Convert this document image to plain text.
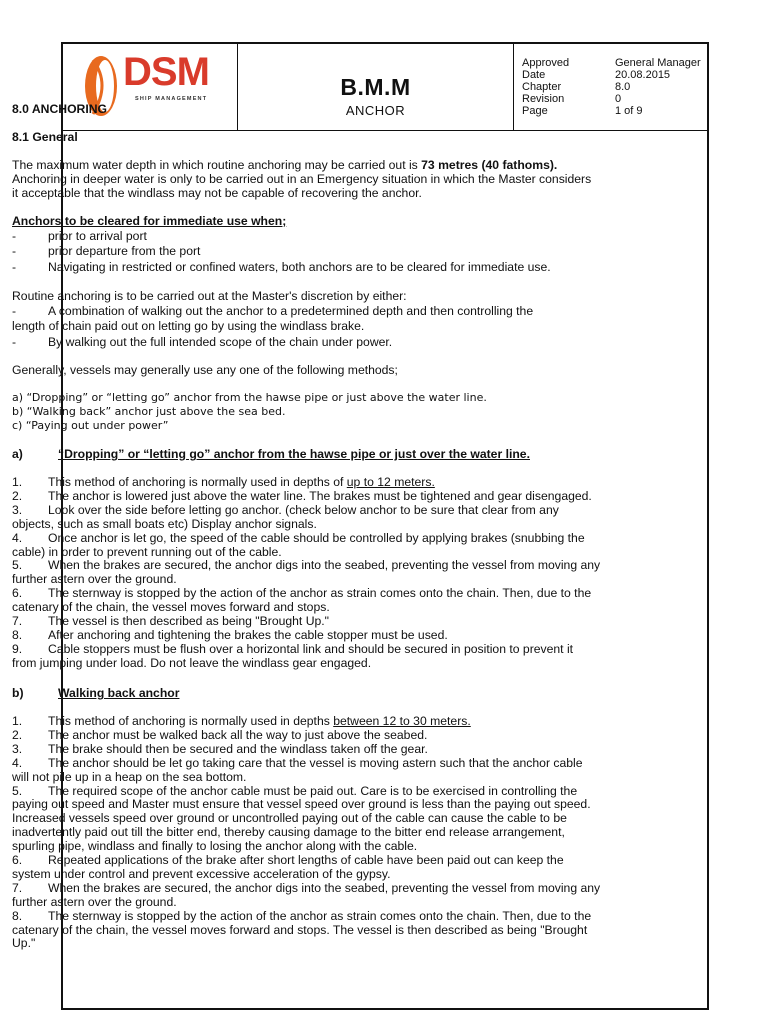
DSM
SHIP MANAGEMENT	B.M.M
ANCHOR
Approved	General Manager
Date	20.08.2015
Chapter	8.0
Revision	0
Page	1 of 9
8.0 ANCHORING
8.1 General
The maximum water depth in which routine anchoring may be carried out is 73 metres (40 fathoms).
Anchoring in deeper water is only to be carried out in an Emergency situation in which the Master considers
it acceptable that the windlass may not be capable of recovering the anchor.
Anchors to be cleared for immediate use when;
-	prior to arrival port
-	prior departure from the port
-	Navigating in restricted or confined waters, both anchors are to be cleared for immediate use.
Routine anchoring is to be carried out at the Master's discretion by either:
-	A combination of walking out the anchor to a predetermined depth and then controlling the
length of chain paid out on letting go by using the windlass brake.
-	By walking out the full intended scope of the chain under power.
Generally, vessels may generally use any one of the following methods;
a) “Dropping” or “letting go” anchor from the hawse pipe or just above the water line.
b) “Walking back” anchor just above the sea bed.
c) “Paying out under power”
a)	“Dropping” or “letting go” anchor from the hawse pipe or just over the water line.
1. This method of anchoring is normally used in depths of up to 12 meters.
2. The anchor is lowered just above the water line. The brakes must be tightened and gear disengaged.
3. Look over the side before letting go anchor. (check below anchor to be sure that clear from any
objects, such as small boats etc) Display anchor signals.
4. Once anchor is let go, the speed of the cable should be controlled by applying brakes (snubbing the
cable) in order to prevent running out of the cable.
5. When the brakes are secured, the anchor digs into the seabed, preventing the vessel from moving any
further astern over the ground.
6. The sternway is stopped by the action of the anchor as strain comes onto the chain. Then, due to the
catenary of the chain, the vessel moves forward and stops.
7. The vessel is then described as being "Brought Up."
8. After anchoring and tightening the brakes the cable stopper must be used.
9. Cable stoppers must be flush over a horizontal link and should be secured in position to prevent it
from jumping under load. Do not leave the windlass gear engaged.
b)	Walking back anchor
1. This method of anchoring is normally used in depths between 12 to 30 meters.
2. The anchor must be walked back all the way to just above the seabed.
3. The brake should then be secured and the windlass taken off the gear.
4. The anchor should be let go taking care that the vessel is moving astern such that the anchor cable
will not pile up in a heap on the sea bottom.
5. The required scope of the anchor cable must be paid out. Care is to be exercised in controlling the
paying out speed and Master must ensure that vessel speed over ground is less than the paying out speed.
Increased vessels speed over ground or uncontrolled paying out of the cable can cause the cable to be
inadvertently paid out till the bitter end, thereby causing damage to the bitter end release arrangement,
spurling pipe, windlass and finally to losing the anchor along with the cable.
6. Repeated applications of the brake after short lengths of cable have been paid out can keep the
system under control and prevent excessive acceleration of the gypsy.
7. When the brakes are secured, the anchor digs into the seabed, preventing the vessel from moving any
further astern over the ground.
8. The sternway is stopped by the action of the anchor as strain comes onto the chain. Then, due to the
catenary of the chain, the vessel moves forward and stops. The vessel is then described as being "Brought
Up."
